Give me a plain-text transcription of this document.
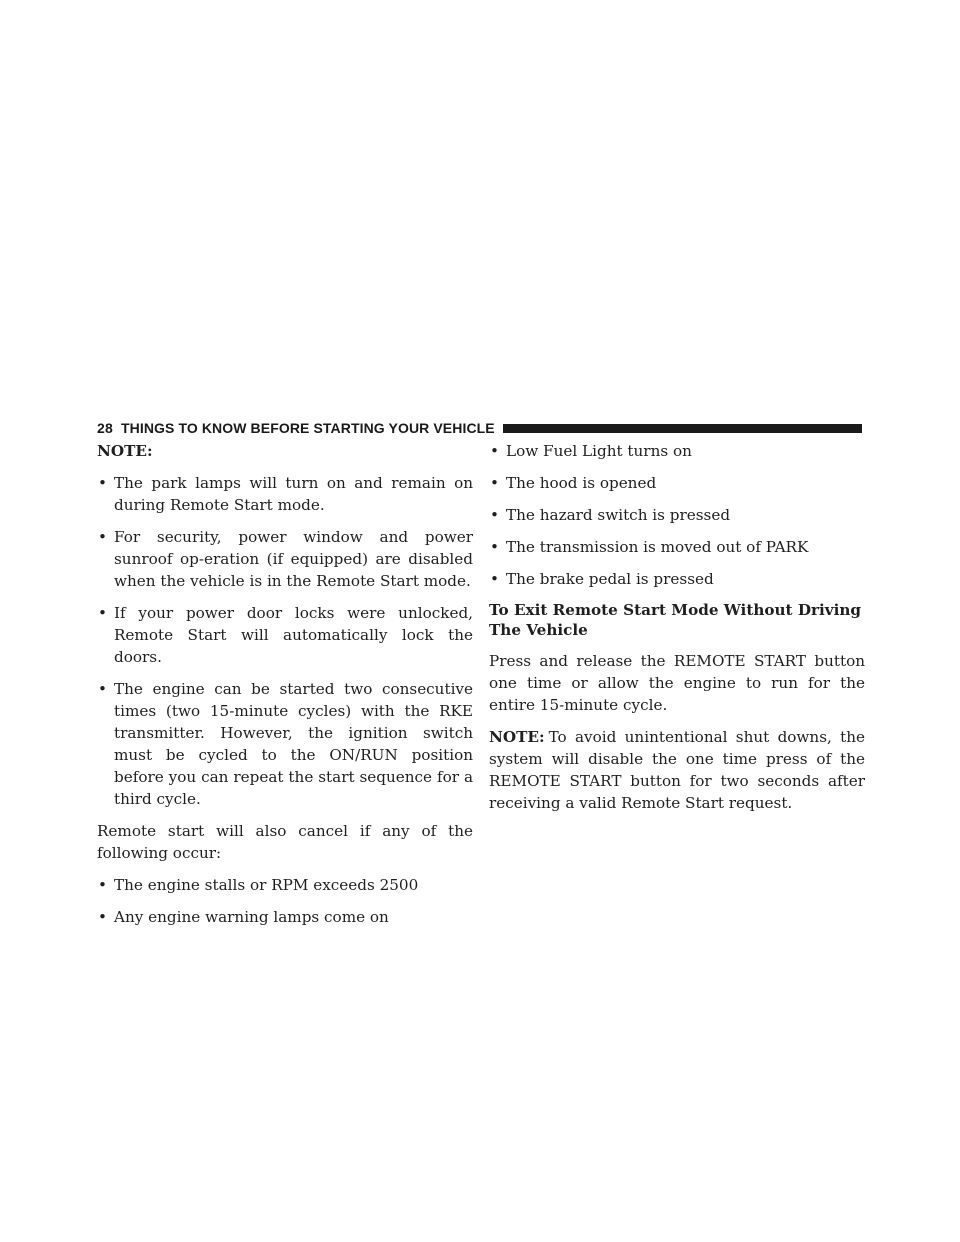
28 THINGS TO KNOW BEFORE STARTING YOUR VEHICLE
NOTE:
• The park lamps will turn on and remain on during Remote Start mode.
• For security, power window and power sunroof op-eration (if equipped) are disabled when the vehicle is in the Remote Start mode.
• If your power door locks were unlocked, Remote Start will automatically lock the doors.
• The engine can be started two consecutive times (two 15-minute cycles) with the RKE transmitter. However, the ignition switch must be cycled to the ON/RUN position before you can repeat the start sequence for a third cycle.

Remote start will also cancel if any of the following occur:

• The engine stalls or RPM exceeds 2500
• Any engine warning lamps come on
• Low Fuel Light turns on
• The hood is opened
• The hazard switch is pressed
• The transmission is moved out of PARK
• The brake pedal is pressed
To Exit Remote Start Mode Without Driving The Vehicle

Press and release the REMOTE START button one time or allow the engine to run for the entire 15-minute cycle.

NOTE: To avoid unintentional shut downs, the system will disable the one time press of the REMOTE START button for two seconds after receiving a valid Remote Start request.
